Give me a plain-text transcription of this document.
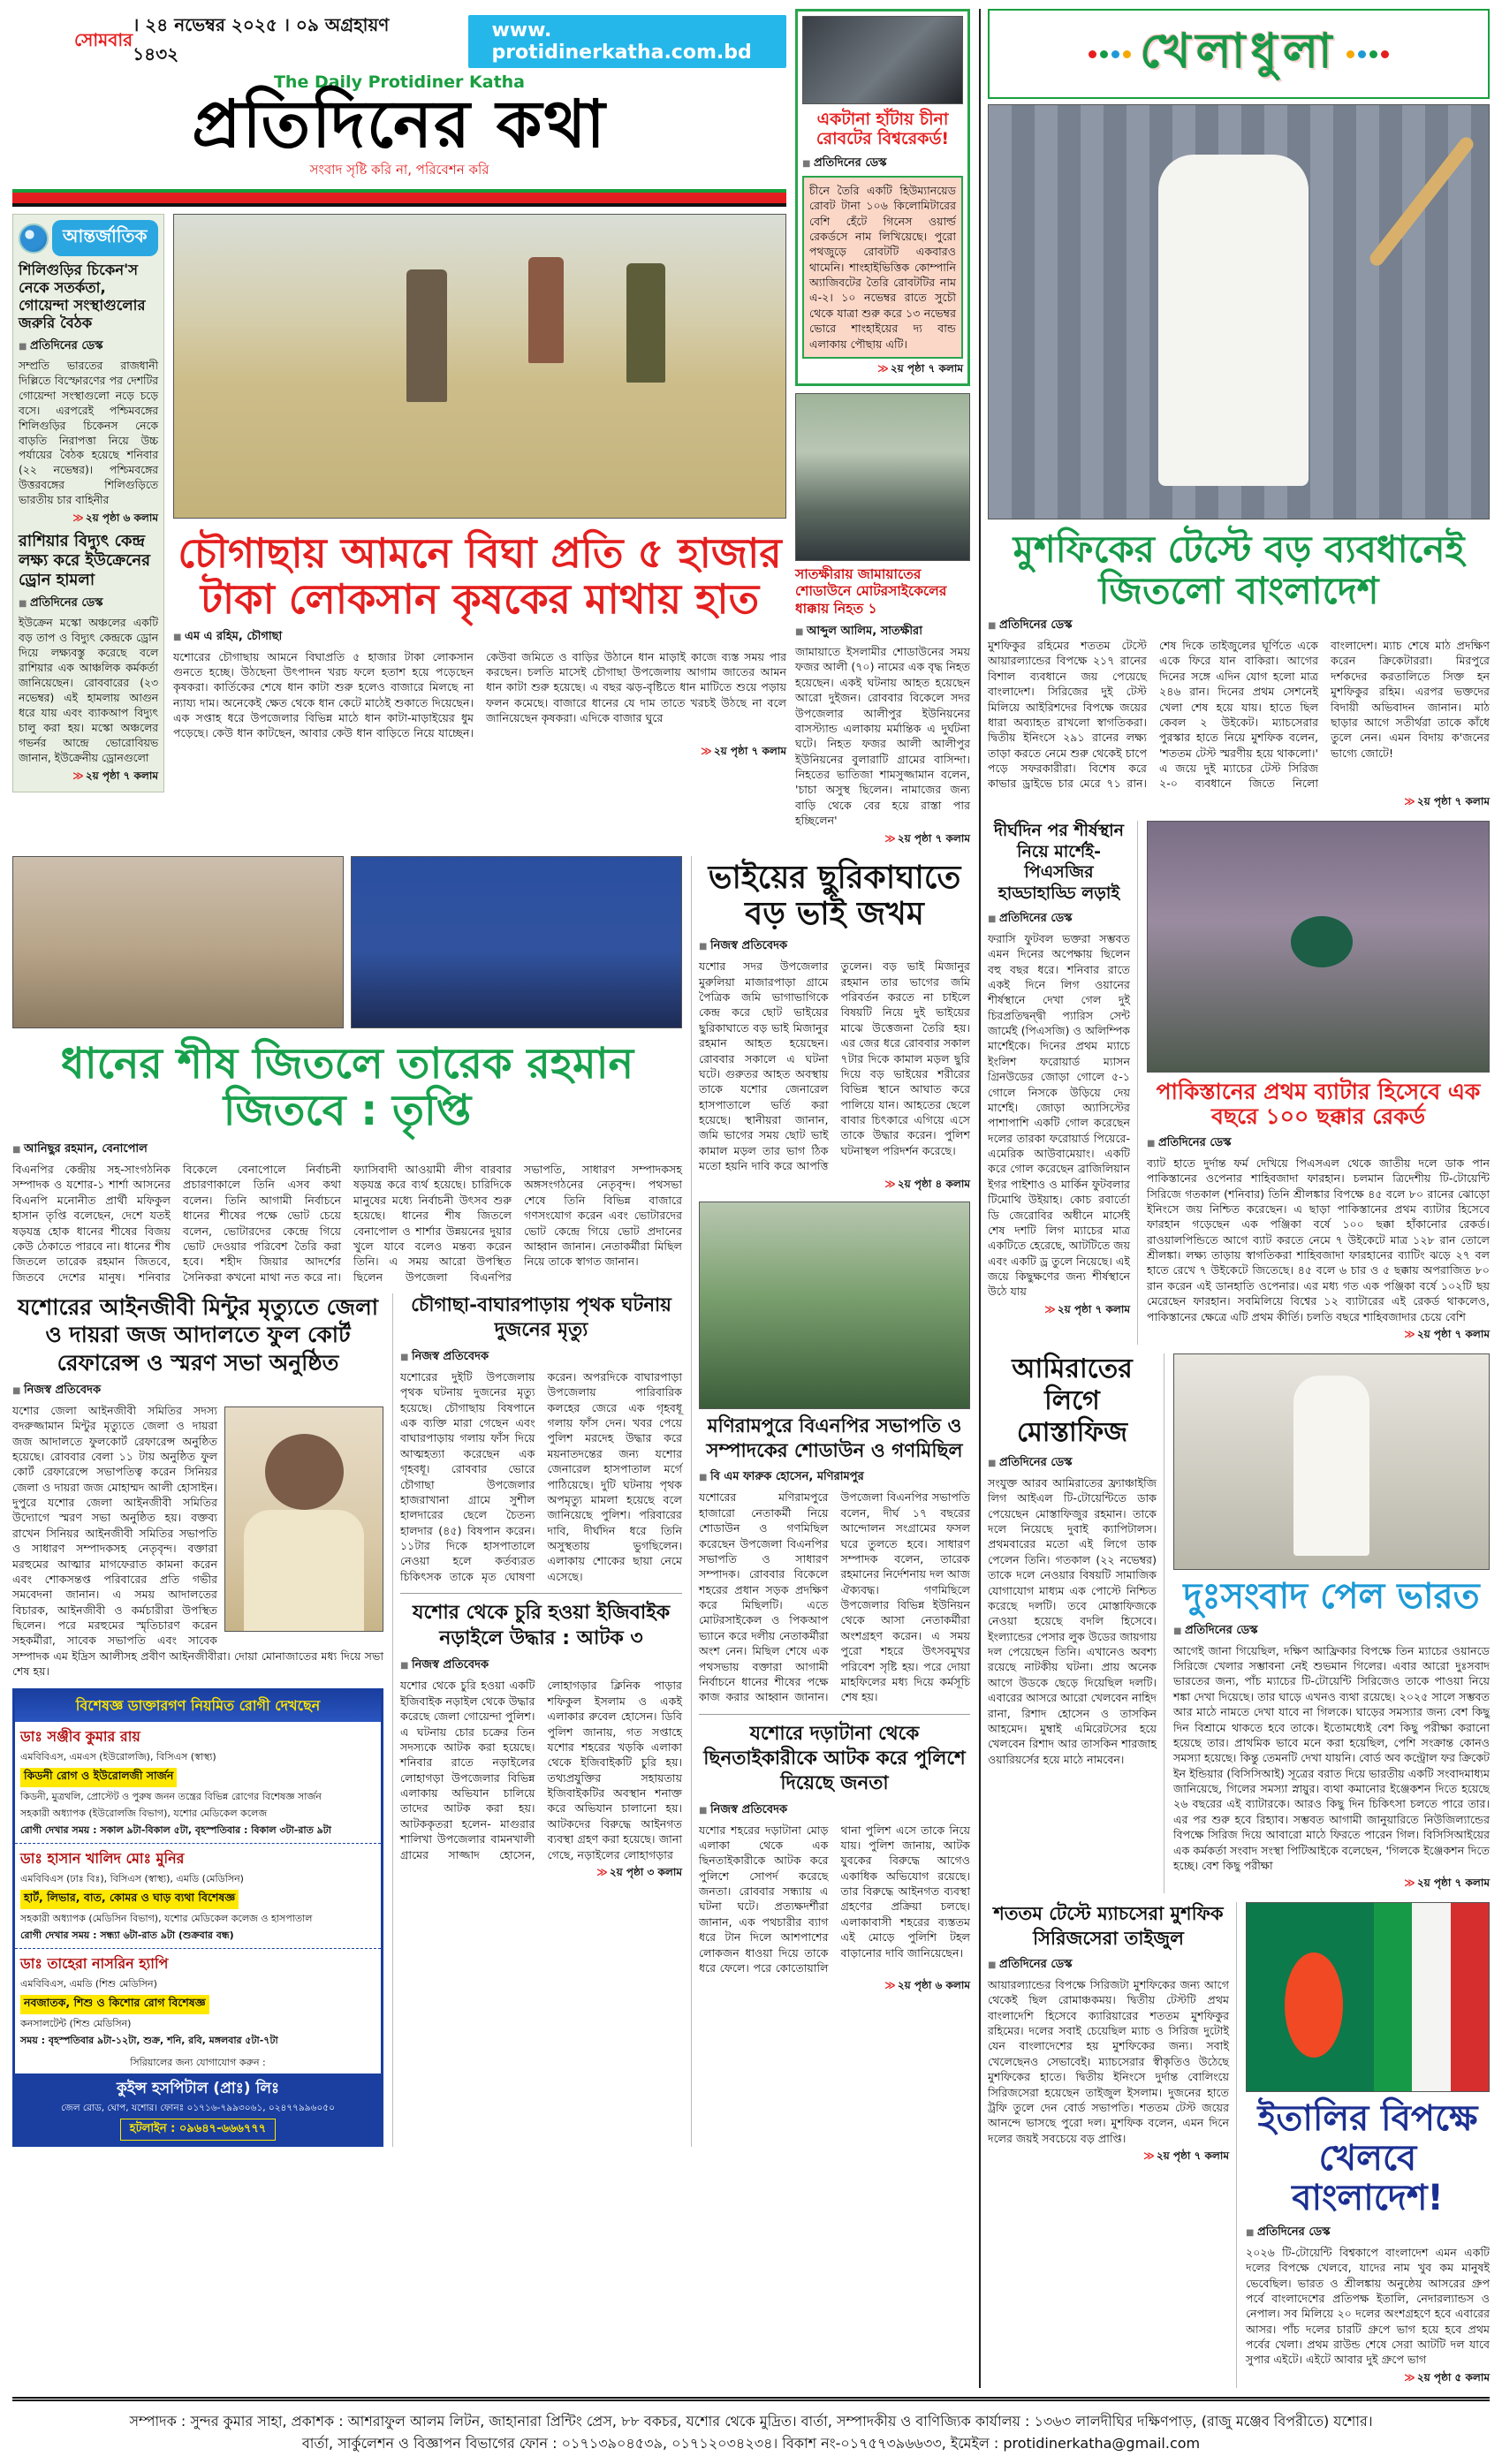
সোমবার
। ২৪ নভেম্বর ২০২৫ । ০৯ অগ্রহায়ণ ১৪৩২
www. protidinerkatha.com.bd
The Daily Protidiner Katha
প্রতিদিনের কথা
সংবাদ সৃষ্টি করি না, পরিবেশন করি
আন্তর্জাতিক
শিলিগুড়ির চিকেন'স নেকে সতর্কতা, গোয়েন্দা সংস্থাগুলোর জরুরি বৈঠক
■ প্রতিদিনের ডেস্ক
সম্প্রতি ভারতের রাজধানী দিল্লিতে বিস্ফোরণের পর দেশটির গোয়েন্দা সংস্থাগুলো নড়ে চড়ে বসে। এরপরেই পশ্চিমবঙ্গের শিলিগুড়ির চিকেনস নেকে বাড়তি নিরাপত্তা নিয়ে উচ্চ পর্যায়ের বৈঠক হয়েছে শনিবার (২২ নভেম্বর)। পশ্চিমবঙ্গের উত্তরবঙ্গের শিলিগুড়িতে ভারতীয় চার বাহিনীর
≫ ২য় পৃষ্ঠা ৬ কলাম
রাশিয়ার বিদ্যুৎ কেন্দ্র লক্ষ্য করে ইউক্রেনের ড্রোন হামলা
■ প্রতিদিনের ডেস্ক
ইউক্রেন মস্কো অঞ্চলের একটি বড় তাপ ও বিদ্যুৎ কেন্দ্রকে ড্রোন দিয়ে লক্ষ্যবস্তু করেছে বলে রাশিয়ার এক আঞ্চলিক কর্মকর্তা জানিয়েছেন। রোববারের (২৩ নভেম্বর) এই হামলায় আগুন ধরে যায় এবং ব্যাকআপ বিদ্যুৎ চালু করা হয়। মস্কো অঞ্চলের গভর্নর আন্দ্রে ভোরোবিয়ভ জানান, ইউক্রেনীয় ড্রোনগুলো
≫ ২য় পৃষ্ঠা ৭ কলাম
চৌগাছায় আমনে বিঘা প্রতি ৫ হাজার টাকা লোকসান কৃষকের মাথায় হাত
■ এম এ রহিম, চৌগাছা
যশোরের চৌগাছায় আমনে বিঘাপ্রতি ৫ হাজার টাকা লোকসান গুনতে হচ্ছে। উঠছেনা উৎপাদন খরচ ফলে হতাশ হয়ে পড়েছেন কৃষকরা। কার্তিকের শেষে ধান কাটা শুরু হলেও বাজারে মিলছে না ন্যায্য দাম। অনেকেই ক্ষেত থেকে ধান কেটে মাঠেই শুকাতে দিয়েছেন। এক সপ্তাহ ধরে উপজেলার বিভিন্ন মাঠে ধান কাটা-মাড়াইয়ের ধুম পড়েছে। কেউ ধান কাটছেন, আবার কেউ ধান বাড়িতে নিয়ে যাচ্ছেন। কেউবা জমিতে ও বাড়ির উঠানে ধান মাড়াই কাজে ব্যস্ত সময় পার করছেন। চলতি মাসেই চৌগাছা উপজেলায় আগাম জাতের আমন ধান কাটা শুরু হয়েছে। এ বছর ঝড়-বৃষ্টিতে ধান মাটিতে শুয়ে পড়ায় ফলন কমেছে। বাজারে ধানের যে দাম তাতে খরচই উঠছে না বলে জানিয়েছেন কৃষকরা। এদিকে বাজার ঘুরে
≫ ২য় পৃষ্ঠা ৭ কলাম
একটানা হাঁটায় চীনা রোবটের বিশ্বরেকর্ড!
■ প্রতিদিনের ডেস্ক
চীনে তৈরি একটি হিউম্যানয়েড রোবট টানা ১০৬ কিলোমিটারের বেশি হেঁটে গিনেস ওয়ার্ল্ড রেকর্ডসে নাম লিখিয়েছে। পুরো পথজুড়ে রোবটটি একবারও থামেনি। শাংহাইভিত্তিক কোম্পানি অ্যাজিবটের তৈরি রোবটটির নাম এ-২। ১০ নভেম্বর রাতে সুচৌ থেকে যাত্রা শুরু করে ১৩ নভেম্বর ভোরে শাংহাইয়ের দ্য বান্ড এলাকায় পৌছায় এটি।
≫ ২য় পৃষ্ঠা ৭ কলাম
সাতক্ষীরায় জামায়াতের শোডাউনে মোটরসাইকেলের ধাক্কায় নিহত ১
■ আব্দুল আলিম, সাতক্ষীরা
জামায়াতে ইসলামীর শোডাউনের সময় ফজর আলী (৭০) নামের এক বৃদ্ধ নিহত হয়েছেন। একই ঘটনায় আহত হয়েছেন আরো দুইজন। রোববার বিকেলে সদর উপজেলার আলীপুর ইউনিয়নের বাসস্ট্যান্ড এলাকায় মর্মান্তিক এ দুর্ঘটনা ঘটে। নিহত ফজর আলী আলীপুর ইউনিয়নের বুলারাটি গ্রামের বাসিন্দা। নিহতের ভাতিজা শামসুজ্জামান বলেন, 'চাচা অসুস্থ ছিলেন। নামাজের জন্য বাড়ি থেকে বের হয়ে রাস্তা পার হচ্ছিলেন'
≫ ২য় পৃষ্ঠা ৭ কলাম
ধানের শীষ জিতলে তারেক রহমান জিতবে : তৃপ্তি
■ আনিছুর রহমান, বেনাপোল
বিএনপির কেন্দ্রীয় সহ-সাংগঠনিক সম্পাদক ও যশোর-১ শার্শা আসনের বিএনপি মনোনীত প্রার্থী মফিকুল হাসান তৃপ্তি বলেছেন, দেশে যতই ষড়যন্ত্র হোক ধানের শীষের বিজয় কেউ ঠেকাতে পারবে না। ধানের শীষ জিতলে তারেক রহমান জিতবে, জিতবে দেশের মানুষ। শনিবার বিকেলে বেনাপোলে নির্বাচনী প্রচারণাকালে তিনি এসব কথা বলেন। তিনি আগামী নির্বাচনে ধানের শীষের পক্ষে ভোট চেয়ে বলেন, ভোটারদের কেন্দ্রে গিয়ে ভোট দেওয়ার পরিবেশ তৈরি করা হবে। শহীদ জিয়ার আদর্শের সৈনিকরা কখনো মাথা নত করে না। ফ্যাসিবাদী আওয়ামী লীগ বারবার ষড়যন্ত্র করে ব্যর্থ হয়েছে। চারিদিকে মানুষের মধ্যে নির্বাচনী উৎসব শুরু হয়েছে। ধানের শীষ জিতলে বেনাপোল ও শার্শার উন্নয়নের দুয়ার খুলে যাবে বলেও মন্তব্য করেন তিনি। এ সময় আরো উপস্থিত ছিলেন উপজেলা বিএনপির সভাপতি, সাধারণ সম্পাদকসহ অঙ্গসংগঠনের নেতৃবৃন্দ। পথসভা শেষে তিনি বিভিন্ন বাজারে গণসংযোগ করেন এবং ভোটারদের ভোট কেন্দ্রে গিয়ে ভোট প্রদানের আহ্বান জানান। নেতাকর্মীরা মিছিল নিয়ে তাকে স্বাগত জানান।
যশোরের আইনজীবী মিন্টুর মৃত্যুতে জেলা ও দায়রা জজ আদালতে ফুল কোর্ট রেফারেন্স ও স্মরণ সভা অনুষ্ঠিত
■ নিজস্ব প্রতিবেদক
যশোর জেলা আইনজীবী সমিতির সদস্য বদরুজ্জামান মিন্টুর মৃত্যুতে জেলা ও দায়রা জজ আদালতে ফুলকোর্ট রেফারেন্স অনুষ্ঠিত হয়েছে। রোববার বেলা ১১ টায় অনুষ্ঠিত ফুল কোর্ট রেফারেন্সে সভাপতিত্ব করেন সিনিয়র জেলা ও দায়রা জজ মোহাম্মদ আলী হোসাইন। দুপুরে যশোর জেলা আইনজীবী সমিতির উদ্যোগে স্মরণ সভা অনুষ্ঠিত হয়। বক্তব্য রাখেন সিনিয়র আইনজীবী সমিতির সভাপতি ও সাধারণ সম্পাদকসহ নেতৃবৃন্দ। বক্তারা মরহুমের আত্মার মাগফেরাত কামনা করেন এবং শোকসন্তপ্ত পরিবারের প্রতি গভীর সমবেদনা জানান। এ সময় আদালতের বিচারক, আইনজীবী ও কর্মচারীরা উপস্থিত ছিলেন। পরে মরহুমের স্মৃতিচারণ করেন সহকর্মীরা, সাবেক সভাপতি এবং সাবেক সম্পাদক এম ইদ্রিস আলীসহ প্রবীণ আইনজীবীরা। দোয়া মোনাজাতের মধ্য দিয়ে সভা শেষ হয়।
বিশেষজ্ঞ ডাক্তারগণ নিয়মিত রোগী দেখছেন
ডাঃ সঞ্জীব কুমার রায়
এমবিবিএস, এমএস (ইউরোলজি), বিসিএস (স্বাস্থ্য)
কিডনী রোগ ও ইউরোলজী সার্জন
কিডনী, মুত্রথলি, প্রোস্টেট ও পুরুষ জনন তন্ত্রের বিভিন্ন রোগের বিশেষজ্ঞ সার্জন
সহকারী অধ্যাপক (ইউরোলজি বিভাগ), যশোর মেডিকেল কলেজ
রোগী দেখার সময় : সকাল ৯টা-বিকাল ৫টা, বৃহস্পতিবার : বিকাল ৩টা-রাত ৯টা
ডাঃ হাসান খালিদ মোঃ মুনির
এমবিবিএস (ঢাঃ বিঃ), বিসিএস (স্বাস্থ্য), এমডি (মেডিসিন)
হার্ট, লিভার, বাত, কোমর ও ঘাড় ব্যথা বিশেষজ্ঞ
সহকারী অধ্যাপক (মেডিসিন বিভাগ), যশোর মেডিকেল কলেজ ও হাসপাতাল
রোগী দেখার সময় : সন্ধ্যা ৬টা-রাত ৯টা (শুক্রবার বন্ধ)
ডাঃ তাহেরা নাসরিন হ্যাপি
এমবিবিএস, এমডি (শিশু মেডিসিন)
নবজাতক, শিশু ও কিশোর রোগ বিশেষজ্ঞ
কনসালটেন্ট (শিশু মেডিসিন)
সময় : বৃহস্পতিবার ৯টা-১২টা, শুক্র, শনি, রবি, মঙ্গলবার ৫টা-৭টা
সিরিয়ালের জন্য যোগাযোগ করুন :
কুইন্স হসপিটাল (প্রাঃ) লিঃ
জেল রোড, ঘোপ, যশোর। ফোনঃ ০১৭১৬-৭৯৯৩০৬১, ০২৪৭৭৯৯৬০৫০
হটলাইন : ০৯৬৪৭-৬৬৬৭৭৭
চৌগাছা-বাঘারপাড়ায় পৃথক ঘটনায় দুজনের মৃত্যু
■ নিজস্ব প্রতিবেদক
যশোরের দুইটি উপজেলায় পৃথক ঘটনায় দুজনের মৃত্যু হয়েছে। চৌগাছায় বিষপানে এক ব্যক্তি মারা গেছেন এবং বাঘারপাড়ায় গলায় ফাঁস দিয়ে আত্মহত্যা করেছেন এক গৃহবধূ। রোববার ভোরে চৌগাছা উপজেলার হাজরাখানা গ্রামে সুশীল হালদারের ছেলে চৈতন্য হালদার (৪৫) বিষপান করেন। ১১টার দিকে হাসপাতালে নেওয়া হলে কর্তব্যরত চিকিৎসক তাকে মৃত ঘোষণা করেন। অপরদিকে বাঘারপাড়া উপজেলায় পারিবারিক কলহের জেরে এক গৃহবধূ গলায় ফাঁস দেন। খবর পেয়ে পুলিশ মরদেহ উদ্ধার করে ময়নাতদন্তের জন্য যশোর জেনারেল হাসপাতাল মর্গে পাঠিয়েছে। দুটি ঘটনায় পৃথক অপমৃত্যু মামলা হয়েছে বলে জানিয়েছে পুলিশ। পরিবারের দাবি, দীর্ঘদিন ধরে তিনি অসুস্থতায় ভুগছিলেন। এলাকায় শোকের ছায়া নেমে এসেছে।
যশোর থেকে চুরি হওয়া ইজিবাইক নড়াইলে উদ্ধার : আটক ৩
■ নিজস্ব প্রতিবেদক
যশোর থেকে চুরি হওয়া একটি ইজিবাইক নড়াইল থেকে উদ্ধার করেছে জেলা গোয়েন্দা পুলিশ। এ ঘটনায় চোর চক্রের তিন সদস্যকে আটক করা হয়েছে। শনিবার রাতে নড়াইলের লোহাগড়া উপজেলার বিভিন্ন এলাকায় অভিযান চালিয়ে তাদের আটক করা হয়। আটককৃতরা হলেন- মাগুরার শালিখা উপজেলার বামনখালী গ্রামের সাজ্জাদ হোসেন, লোহাগড়ার ক্লিনিক পাড়ার শফিকুল ইসলাম ও একই এলাকার রুবেল হোসেন। ডিবি পুলিশ জানায়, গত সপ্তাহে যশোর শহরের খড়কি এলাকা থেকে ইজিবাইকটি চুরি হয়। তথ্যপ্রযুক্তির সহায়তায় ইজিবাইকটির অবস্থান শনাক্ত করে অভিযান চালানো হয়। আটকদের বিরুদ্ধে আইনগত ব্যবস্থা গ্রহণ করা হয়েছে। জানা গেছে, নড়াইলের লোহাগড়ার
≫ ২য় পৃষ্ঠা ৩ কলাম
ভাইয়ের ছুরিকাঘাতে বড় ভাই জখম
■ নিজস্ব প্রতিবেদক
যশোর সদর উপজেলার মুরুলিয়া মাজারপাড়া গ্রামে পৈত্রিক জমি ভাগাভাগিকে কেন্দ্র করে ছোট ভাইয়ের ছুরিকাঘাতে বড় ভাই মিজানুর রহমান আহত হয়েছেন। রোববার সকালে এ ঘটনা ঘটে। গুরুতর আহত অবস্থায় তাকে যশোর জেনারেল হাসপাতালে ভর্তি করা হয়েছে। স্থানীয়রা জানান, জমি ভাগের সময় ছোট ভাই কামাল মড়ল তার ভাগ ঠিক মতো হয়নি দাবি করে আপত্তি তুলেন। বড় ভাই মিজানুর রহমান তার ভাগের জমি পরিবর্তন করতে না চাইলে বিষয়টি নিয়ে দুই ভাইয়ের মাঝে উত্তেজনা তৈরি হয়। এর জের ধরে রোববার সকাল ৭টার দিকে কামাল মড়ল ছুরি দিয়ে বড় ভাইয়ের শরীরের বিভিন্ন স্থানে আঘাত করে পালিয়ে যান। আহতের ছেলে বাবার চিৎকারে এগিয়ে এসে তাকে উদ্ধার করেন। পুলিশ ঘটনাস্থল পরিদর্শন করেছে।
≫ ২য় পৃষ্ঠা ৪ কলাম
মণিরামপুরে বিএনপির সভাপতি ও সম্পাদকের শোডাউন ও গণমিছিল
■ বি এম ফারুক হোসেন, মণিরামপুর
যশোরের মণিরামপুরে হাজারো নেতাকর্মী নিয়ে শোডাউন ও গণমিছিল করেছেন উপজেলা বিএনপির সভাপতি ও সাধারণ সম্পাদক। রোববার বিকেলে শহরের প্রধান সড়ক প্রদক্ষিণ করে মিছিলটি। এতে মোটরসাইকেল ও পিকআপ ভ্যানে করে দলীয় নেতাকর্মীরা অংশ নেন। মিছিল শেষে এক পথসভায় বক্তারা আগামী নির্বাচনে ধানের শীষের পক্ষে কাজ করার আহ্বান জানান। উপজেলা বিএনপির সভাপতি বলেন, দীর্ঘ ১৭ বছরের আন্দোলন সংগ্রামের ফসল ঘরে তুলতে হবে। সাধারণ সম্পাদক বলেন, তারেক রহমানের নির্দেশনায় দল আজ ঐক্যবদ্ধ। গণমিছিলে উপজেলার বিভিন্ন ইউনিয়ন থেকে আসা নেতাকর্মীরা অংশগ্রহণ করেন। এ সময় পুরো শহরে উৎসবমুখর পরিবেশ সৃষ্টি হয়। পরে দোয়া মাহফিলের মধ্য দিয়ে কর্মসূচি শেষ হয়।
যশোরে দড়াটানা থেকে ছিনতাইকারীকে আটক করে পুলিশে দিয়েছে জনতা
■ নিজস্ব প্রতিবেদক
যশোর শহরের দড়াটানা মোড় এলাকা থেকে এক ছিনতাইকারীকে আটক করে পুলিশে সোপর্দ করেছে জনতা। রোববার সন্ধ্যায় এ ঘটনা ঘটে। প্রত্যক্ষদর্শীরা জানান, এক পথচারীর ব্যাগ ধরে টান দিলে আশপাশের লোকজন ধাওয়া দিয়ে তাকে ধরে ফেলে। পরে কোতোয়ালি থানা পুলিশ এসে তাকে নিয়ে যায়। পুলিশ জানায়, আটক যুবকের বিরুদ্ধে আগেও একাধিক অভিযোগ রয়েছে। তার বিরুদ্ধে আইনগত ব্যবস্থা গ্রহণের প্রক্রিয়া চলছে। এলাকাবাসী শহরের ব্যস্ততম এই মোড়ে পুলিশি টহল বাড়ানোর দাবি জানিয়েছেন।
≫ ২য় পৃষ্ঠা ৬ কলাম
খেলাধুলা
মুশফিকের টেস্টে বড় ব্যবধানেই জিতলো বাংলাদেশ
■ প্রতিদিনের ডেস্ক
মুশফিকুর রহিমের শততম টেস্টে আয়ারল্যান্ডের বিপক্ষে ২১৭ রানের বিশাল ব্যবধানে জয় পেয়েছে বাংলাদেশ। সিরিজের দুই টেস্ট মিলিয়ে আইরিশদের বিপক্ষে জয়ের ধারা অব্যাহত রাখলো স্বাগতিকরা। দ্বিতীয় ইনিংসে ২৯১ রানের লক্ষ্য তাড়া করতে নেমে শুরু থেকেই চাপে পড়ে সফরকারীরা। বিশেষ করে কাভার ড্রাইভে চার মেরে ৭১ রান। শেষ দিকে তাইজুলের ঘূর্ণিতে একে একে ফিরে যান বাকিরা। আগের দিনের সঙ্গে এদিন যোগ হলো মাত্র ২৪৬ রান। দিনের প্রথম সেশনেই খেলা শেষ হয়ে যায়। হাতে ছিল কেবল ২ উইকেট। ম্যাচসেরার পুরস্কার হাতে নিয়ে মুশফিক বলেন, 'শততম টেস্ট স্মরণীয় হয়ে থাকলো।' এ জয়ে দুই ম্যাচের টেস্ট সিরিজ ২-০ ব্যবধানে জিতে নিলো বাংলাদেশ। ম্যাচ শেষে মাঠ প্রদক্ষিণ করেন ক্রিকেটাররা। মিরপুরে দর্শকদের করতালিতে সিক্ত হন মুশফিকুর রহিম। এরপর ভক্তদের বিদায়ী অভিবাদন জানান। মাঠ ছাড়ার আগে সতীর্থরা তাকে কাঁধে তুলে নেন। এমন বিদায় ক'জনের ভাগ্যে জোটে!
≫ ২য় পৃষ্ঠা ৭ কলাম
দীর্ঘদিন পর শীর্ষস্থান নিয়ে মার্শেই-পিএসজির হাড্ডাহাড্ডি লড়াই
■ প্রতিদিনের ডেস্ক
ফরাসি ফুটবল ভক্তরা সম্ভবত এমন দিনের অপেক্ষায় ছিলেন বহু বছর ধরে। শনিবার রাতে একই দিনে লিগ ওয়ানের শীর্ষস্থানে দেখা গেল দুই চিরপ্রতিদ্বন্দ্বী প্যারিস সেন্ট জার্মেই (পিএসজি) ও অলিম্পিক মার্শেইকে। দিনের প্রথম ম্যাচে ইংলিশ ফরোয়ার্ড ম্যাসন গ্রিনউডের জোড়া গোলে ৫-১ গোলে নিসকে উড়িয়ে দেয় মার্শেই। জোড়া অ্যাসিস্টের পাশাপাশি একটি গোল করেছেন দলের তারকা ফরোয়ার্ড পিয়েরে-এমেরিক আউবামেয়াং। একটি করে গোল করেছেন ব্রাজিলিয়ান ইগর পাইশাও ও মার্কিন ফুটবলার টিমোথি উইয়াহ। কোচ রবার্তো ডি জেরোবির অধীনে মার্সেই শেষ দশটি লিগ ম্যাচের মাত্র একটিতে হেরেছে, আটটিতে জয় এবং একটি ড্র তুলে নিয়েছে। এই জয়ে কিছুক্ষণের জন্য শীর্ষস্থানে উঠে যায়
≫ ২য় পৃষ্ঠা ৭ কলাম
পাকিস্তানের প্রথম ব্যাটার হিসেবে এক বছরে ১০০ ছক্কার রেকর্ড
■ প্রতিদিনের ডেস্ক
ব্যাট হাতে দুর্দান্ত ফর্ম দেখিয়ে পিএসএল থেকে জাতীয় দলে ডাক পান পাকিস্তানের ওপেনার শাহিবজাদা ফারহান। চলমান ত্রিদেশীয় টি-টোয়েন্টি সিরিজে গতকাল (শনিবার) তিনি শ্রীলঙ্কার বিপক্ষে ৪৫ বলে ৮০ রানের ঝোড়ো ইনিংসে জয় নিশ্চিত করেছেন। এ ছাড়া পাকিস্তানের প্রথম ব্যাটার হিসেবে ফারহান গড়েছেন এক পঞ্জিকা বর্ষে ১০০ ছক্কা হাঁকানোর রেকর্ড। রাওয়ালপিন্ডিতে আগে ব্যাট করতে নেমে ৭ উইকেটে মাত্র ১২৮ রান তোলে শ্রীলঙ্কা। লক্ষ্য তাড়ায় স্বাগতিকরা শাহিবজাদা ফারহানের ব্যাটিং ঝড়ে ২৭ বল হাতে রেখে ৭ উইকেটে জিতেছে। ৪৫ বলে ৬ চার ও ৫ ছক্কায় অপরাজিত ৮০ রান করেন এই ডানহাতি ওপেনার। এর মধ্য গত এক পঞ্জিকা বর্ষে ১০২টি ছয় মেরেছেন ফারহান। সবমিলিয়ে বিশ্বের ১২ ব্যাটারের এই রেকর্ড থাকলেও, পাকিস্তানের ক্ষেত্রে এটি প্রথম কীর্তি। চলতি বছরে শাহিবজাদার চেয়ে বেশি
≫ ২য় পৃষ্ঠা ৭ কলাম
আমিরাতের লিগে মোস্তাফিজ
■ প্রতিদিনের ডেস্ক
সংযুক্ত আরব আমিরাতের ফ্র্যাঞ্চাইজি লিগ আইএল টি-টোয়েন্টিতে ডাক পেয়েছেন মোস্তাফিজুর রহমান। তাকে দলে নিয়েছে দুবাই ক্যাপিটালস। প্রথমবারের মতো এই লিগে ডাক পেলেন তিনি। গতকাল (২২ নভেম্বর) তাকে দলে নেওয়ার বিষয়টি সামাজিক যোগাযোগ মাধ্যম এক পোস্টে নিশ্চিত করেছে দলটি। তবে মোস্তাফিজকে নেওয়া হয়েছে বদলি হিসেবে। ইংল্যান্ডের পেসার লুক উডের জায়গায় দল পেয়েছেন তিনি। এখানেও অবশ্য রয়েছে নাটকীয় ঘটনা। প্রায় অনেক আগে উডকে ছেড়ে দিয়েছিল দলটি। এবারের আসরে আরো খেলবেন নাহিদ রানা, রিশাদ হোসেন ও তাসকিন আহমেদ। মুম্বাই এমিরেটসের হয়ে খেলবেন রিশাদ আর তাসকিন শারজাহ ওয়ারিয়র্সের হয়ে মাঠে নামবেন।
দুঃসংবাদ পেল ভারত
■ প্রতিদিনের ডেস্ক
আগেই জানা গিয়েছিল, দক্ষিণ আফ্রিকার বিপক্ষে তিন ম্যাচের ওয়ানডে সিরিজে খেলার সম্ভাবনা নেই শুভমান গিলের। এবার আরো দুঃসবাদ ভারতের জন্য, পাঁচ ম্যাচের টি-টোয়েন্টি সিরিজেও তাকে পাওয়া নিয়ে শঙ্কা দেখা দিয়েছে। তার ঘাড়ে এখনও ব্যথা রয়েছে। ২০২৫ সালে সম্ভবত আর মাঠে নামতে দেখা যাবে না গিলকে। ঘাড়ের সমস্যার জন্য বেশ কিছু দিন বিশ্রামে থাকতে হবে তাকে। ইতোমধ্যেই বেশ কিছু পরীক্ষা করানো হয়েছে তার। প্রাথমিক ভাবে মনে করা হয়েছিল, পেশি সংক্রান্ত কোনও সমস্যা হয়েছে। কিন্তু তেমনটি দেখা যায়নি। বোর্ড অব কন্ট্রোল ফর ক্রিকেট ইন ইন্ডিয়ার (বিসিসিআই) সূত্রের বরাত দিয়ে ভারতীয় একটি সংবাদমাধ্যম জানিয়েছে, গিলের সমস্যা স্নায়ুর। ব্যথা কমানোর ইঞ্জেকশন দিতে হয়েছে ২৬ বছরের এই ব্যাটারকে। আরও কিছু দিন চিকিৎসা চলতে পারে তার। এর পর শুরু হবে রিহ্যাব। সম্ভবত আগামী জানুয়ারিতে নিউজিল্যান্ডের বিপক্ষে সিরিজ দিয়ে আবারো মাঠে ফিরতে পারেন গিল। বিসিসিআইয়ের এক কর্মকর্তা সংবাদ সংস্থা পিটিআইকে বলেছেন, 'গিলকে ইঞ্জেকশন দিতে হচ্ছে। বেশ কিছু পরীক্ষা
≫ ২য় পৃষ্ঠা ৭ কলাম
শততম টেস্টে ম্যাচসেরা মুশফিক সিরিজসেরা তাইজুল
■ প্রতিদিনের ডেস্ক
আয়ারল্যান্ডের বিপক্ষে সিরিজটা মুশফিকের জন্য আগে থেকেই ছিল রোমাঞ্চকময়। দ্বিতীয় টেস্টটি প্রথম বাংলাদেশি হিসেবে ক্যারিয়ারের শততম মুশফিকুর রহিমের। দলের সবাই চেয়েছিল ম্যাচ ও সিরিজ দুটোই যেন বাংলাদেশের হয় মুশফিকের জন্য। সবাই খেলেছেনও সেভাবেই। ম্যাচসেরার স্বীকৃতিও উঠেছে মুশফিকের হাতে। দ্বিতীয় ইনিংসে দুর্দান্ত বোলিংয়ে সিরিজসেরা হয়েছেন তাইজুল ইসলাম। দুজনের হাতে ট্রফি তুলে দেন বোর্ড সভাপতি। শততম টেস্ট জয়ের আনন্দে ভাসছে পুরো দল। মুশফিক বলেন, এমন দিনে দলের জয়ই সবচেয়ে বড় প্রাপ্তি।
≫ ২য় পৃষ্ঠা ৭ কলাম
ইতালির বিপক্ষে খেলবে বাংলাদেশ!
■ প্রতিদিনের ডেস্ক
২০২৬ টি-টোয়েন্টি বিশ্বকাপে বাংলাদেশ এমন একটি দলের বিপক্ষে খেলবে, যাদের নাম খুব কম মানুষই ভেবেছিল। ভারত ও শ্রীলঙ্কায় অনুষ্ঠেয় আসরের গ্রুপ পর্বে বাংলাদেশের প্রতিপক্ষ ইতালি, নেদারল্যান্ডস ও নেপাল। সব মিলিয়ে ২০ দলের অংশগ্রহণে হবে এবারের আসর। পাঁচ দলের চারটি গ্রুপে ভাগ হয়ে হবে প্রথম পর্বের খেলা। প্রথম রাউন্ড শেষে সেরা আটটি দল যাবে সুপার এইটে। এইটে আবার দুই গ্রুপে ভাগ
≫ ২য় পৃষ্ঠা ৫ কলাম
সম্পাদক : সুন্দর কুমার সাহা, প্রকাশক : আশরাফুল আলম লিটন, জাহানারা প্রিন্টিং প্রেস, ৮৮ বকচর, যশোর থেকে মুদ্রিত। বার্তা, সম্পাদকীয় ও বাণিজ্যিক কার্যালয় : ১৩৬৩ লালদীঘির দক্ষিণপাড়, (রাজু মঞ্জেব বিপরীতে) যশোর।
বার্তা, সার্কুলেশন ও বিজ্ঞাপন বিভাগের ফোন : ০১৭১৩৯০৪৫৩৯, ০১৭১২০৩৪২৩৪। বিকাশ নং-০১৭৫৭৩৯৬৬৩৩, ইমেইল : protidinerkatha@gmail.com
